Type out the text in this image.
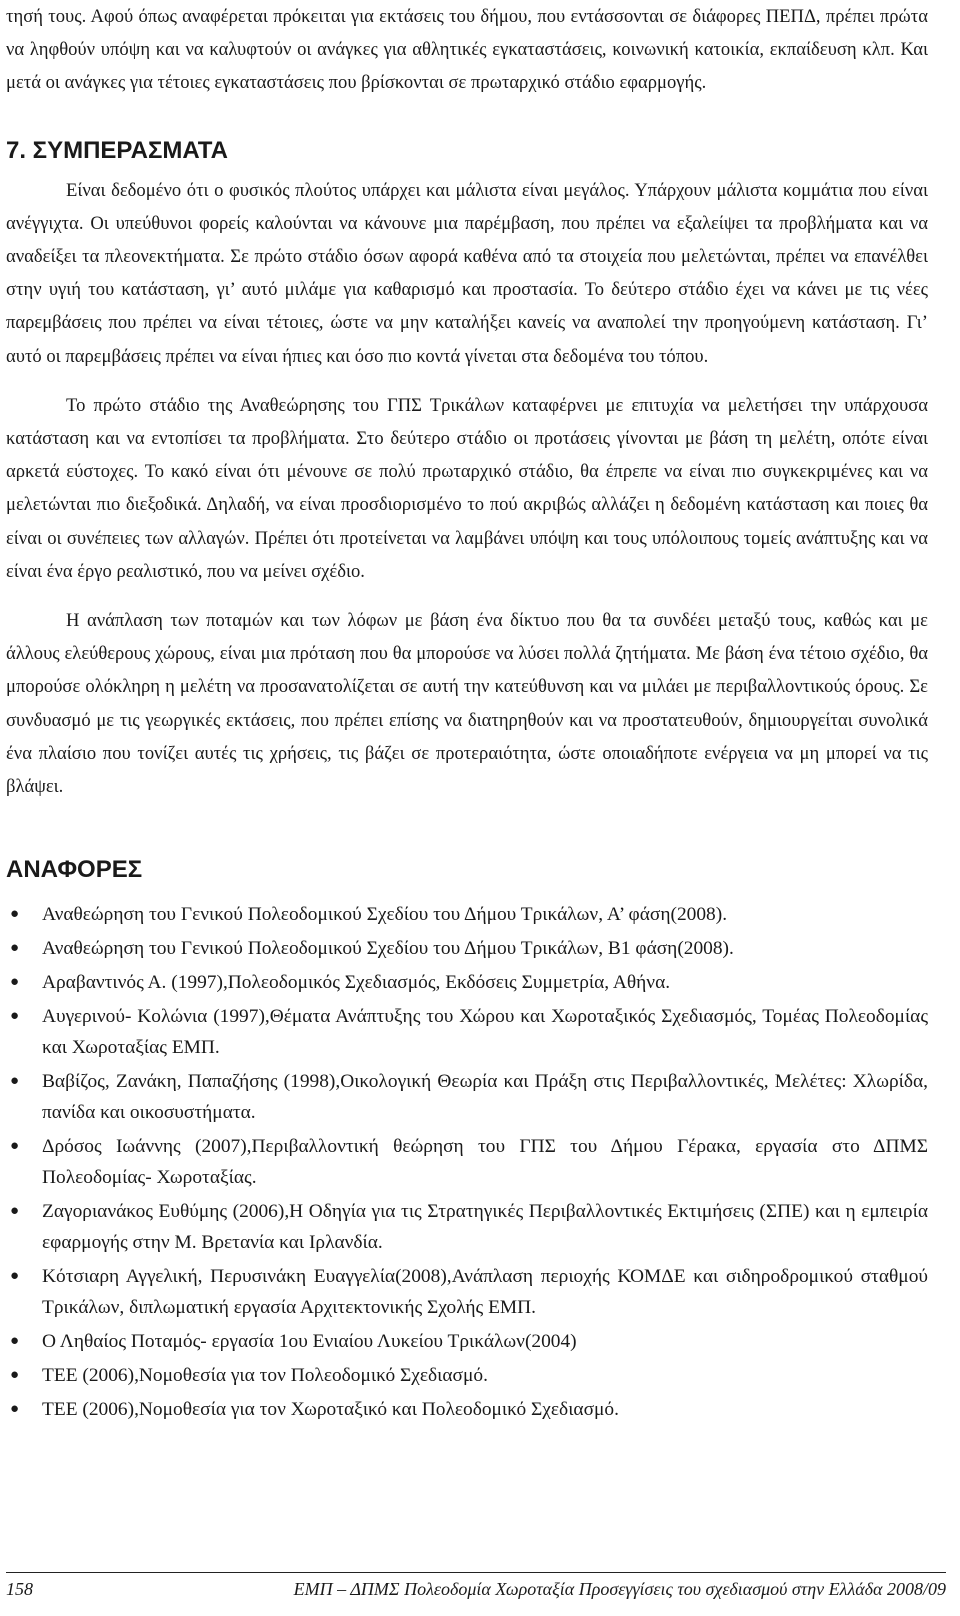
τησή τους. Αφού όπως αναφέρεται πρόκειται για εκτάσεις του δήμου, που εντάσσονται σε διάφορες ΠΕΠΔ, πρέπει πρώτα να ληφθούν υπόψη και να καλυφτούν οι ανάγκες για αθλητικές εγκαταστάσεις, κοινωνική κατοικία, εκπαίδευση κλπ. Και μετά οι ανάγκες για τέτοιες εγκαταστάσεις που βρίσκονται σε πρωταρχικό στάδιο εφαρμογής.

7. ΣΥΜΠΕΡΑΣΜΑΤΑ

Είναι δεδομένο ότι ο φυσικός πλούτος υπάρχει και μάλιστα είναι μεγάλος. Υπάρχουν μάλιστα κομμάτια που είναι ανέγγιχτα. Οι υπεύθυνοι φορείς καλούνται να κάνουνε μια παρέμβαση, που πρέπει να εξαλείψει τα προβλήματα και να αναδείξει τα πλεονεκτήματα. Σε πρώτο στάδιο όσων αφορά καθένα από τα στοιχεία που μελετώνται, πρέπει να επανέλθει στην υγιή του κατάσταση, γι’ αυτό μιλάμε για καθαρισμό και προστασία. Το δεύτερο στάδιο έχει να κάνει με τις νέες παρεμβάσεις που πρέπει να είναι τέτοιες, ώστε να μην καταλήξει κανείς να αναπολεί την προηγούμενη κατάσταση. Γι’ αυτό οι παρεμβάσεις πρέπει να είναι ήπιες και όσο πιο κοντά γίνεται στα δεδομένα του τόπου.

Το πρώτο στάδιο της Αναθεώρησης του ΓΠΣ Τρικάλων καταφέρνει με επιτυχία να μελετήσει την υπάρχουσα κατάσταση και να εντοπίσει τα προβλήματα. Στο δεύτερο στάδιο οι προτάσεις γίνονται με βάση τη μελέτη, οπότε είναι αρκετά εύστοχες. Το κακό είναι ότι μένουνε σε πολύ πρωταρχικό στάδιο, θα έπρεπε να είναι πιο συγκεκριμένες και να μελετώνται πιο διεξοδικά. Δηλαδή, να είναι προσδιορισμένο το πού ακριβώς αλλάζει η δεδομένη κατάσταση και ποιες θα είναι οι συνέπειες των αλλαγών. Πρέπει ότι προτείνεται να λαμβάνει υπόψη και τους υπόλοιπους τομείς ανάπτυξης και να είναι ένα έργο ρεαλιστικό, που να μείνει σχέδιο.

Η ανάπλαση των ποταμών και των λόφων με βάση ένα δίκτυο που θα τα συνδέει μεταξύ τους, καθώς και με άλλους ελεύθερους χώρους, είναι μια πρόταση που θα μπορούσε να λύσει πολλά ζητήματα. Με βάση ένα τέτοιο σχέδιο, θα μπορούσε ολόκληρη η μελέτη να προσανατολίζεται σε αυτή την κατεύθυνση και να μιλάει με περιβαλλοντικούς όρους. Σε συνδυασμό με τις γεωργικές εκτάσεις, που πρέπει επίσης να διατηρηθούν και να προστατευθούν, δημιουργείται συνολικά ένα πλαίσιο που τονίζει αυτές τις χρήσεις, τις βάζει σε προτεραιότητα, ώστε οποιαδήποτε ενέργεια να μη μπορεί να τις βλάψει.

ΑΝΑΦΟΡΕΣ
● Αναθεώρηση του Γενικού Πολεοδομικού Σχεδίου του Δήμου Τρικάλων, Α’ φάση(2008).
● Αναθεώρηση του Γενικού Πολεοδομικού Σχεδίου του Δήμου Τρικάλων, Β1 φάση(2008).
● Αραβαντινός Α. (1997),Πολεοδομικός Σχεδιασμός, Εκδόσεις Συμμετρία, Αθήνα.
● Αυγερινού- Κολώνια (1997),Θέματα Ανάπτυξης του Χώρου και Χωροταξικός Σχεδιασμός, Τομέας Πολεοδομίας και Χωροταξίας ΕΜΠ.
● Βαβίζος, Ζανάκη, Παπαζήσης (1998),Οικολογική Θεωρία και Πράξη στις Περιβαλλοντικές, Μελέτες: Χλωρίδα, πανίδα και οικοσυστήματα.
● Δρόσος Ιωάννης (2007),Περιβαλλοντική θεώρηση του ΓΠΣ του Δήμου Γέρακα, εργασία στο ΔΠΜΣ Πολεοδομίας- Χωροταξίας.
● Ζαγοριανάκος Ευθύμης (2006),Η Οδηγία για τις Στρατηγικές Περιβαλλοντικές Εκτιμήσεις (ΣΠΕ) και η εμπειρία εφαρμογής στην Μ. Βρετανία και Ιρλανδία.
● Κότσιαρη Αγγελική, Περυσινάκη Ευαγγελία(2008),Ανάπλαση περιοχής ΚΟΜΔΕ και σιδηροδρομικού σταθμού Τρικάλων, διπλωματική εργασία Αρχιτεκτονικής Σχολής ΕΜΠ.
● Ο Ληθαίος Ποταμός- εργασία 1ου Ενιαίου Λυκείου Τρικάλων(2004)
● ΤΕΕ (2006),Νομοθεσία για τον Πολεοδομικό Σχεδιασμό.
● ΤΕΕ (2006),Νομοθεσία για τον Χωροταξικό και Πολεοδομικό Σχεδιασμό.
158	ΕΜΠ – ΔΠΜΣ Πολεοδομία Χωροταξία Προσεγγίσεις του σχεδιασμού στην Ελλάδα 2008/09
